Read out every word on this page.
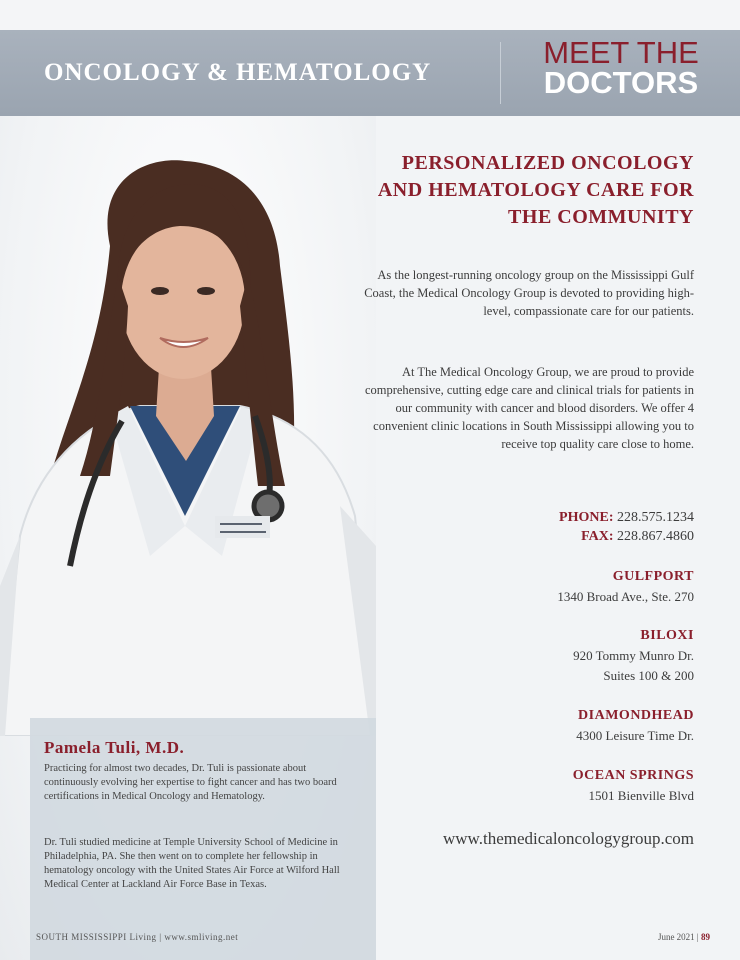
ONCOLOGY & HEMATOLOGY
MEET THE
DOCTORS
Pamela Tuli, M.D.
Practicing for almost two decades, Dr. Tuli is passionate about continuously evolving her expertise to fight cancer and has two board certifications in Medical Oncology and Hematology.
Dr. Tuli studied medicine at Temple University School of Medicine in Philadelphia, PA. She then went on to complete her fellowship in hematology oncology with the United States Air Force at Wilford Hall Medical Center at Lackland Air Force Base in Texas.
PERSONALIZED ONCOLOGY AND HEMATOLOGY CARE FOR THE COMMUNITY
As the longest-running oncology group on the Mississippi Gulf Coast, the Medical Oncology Group is devoted to providing high-level, compassionate care for our patients.
At The Medical Oncology Group, we are proud to provide comprehensive, cutting edge care and clinical trials for patients in our community with cancer and blood disorders. We offer 4 convenient clinic locations in South Mississippi allowing you to receive top quality care close to home.
PHONE: 228.575.1234
FAX: 228.867.4860
GULFPORT
1340 Broad Ave., Ste. 270
BILOXI
920 Tommy Munro Dr.
Suites 100 & 200
DIAMONDHEAD
4300 Leisure Time Dr.
OCEAN SPRINGS
1501 Bienville Blvd
www.themedicaloncologygroup.com
SOUTH MISSISSIPPI Living | www.smliving.net	June 2021 | 89
